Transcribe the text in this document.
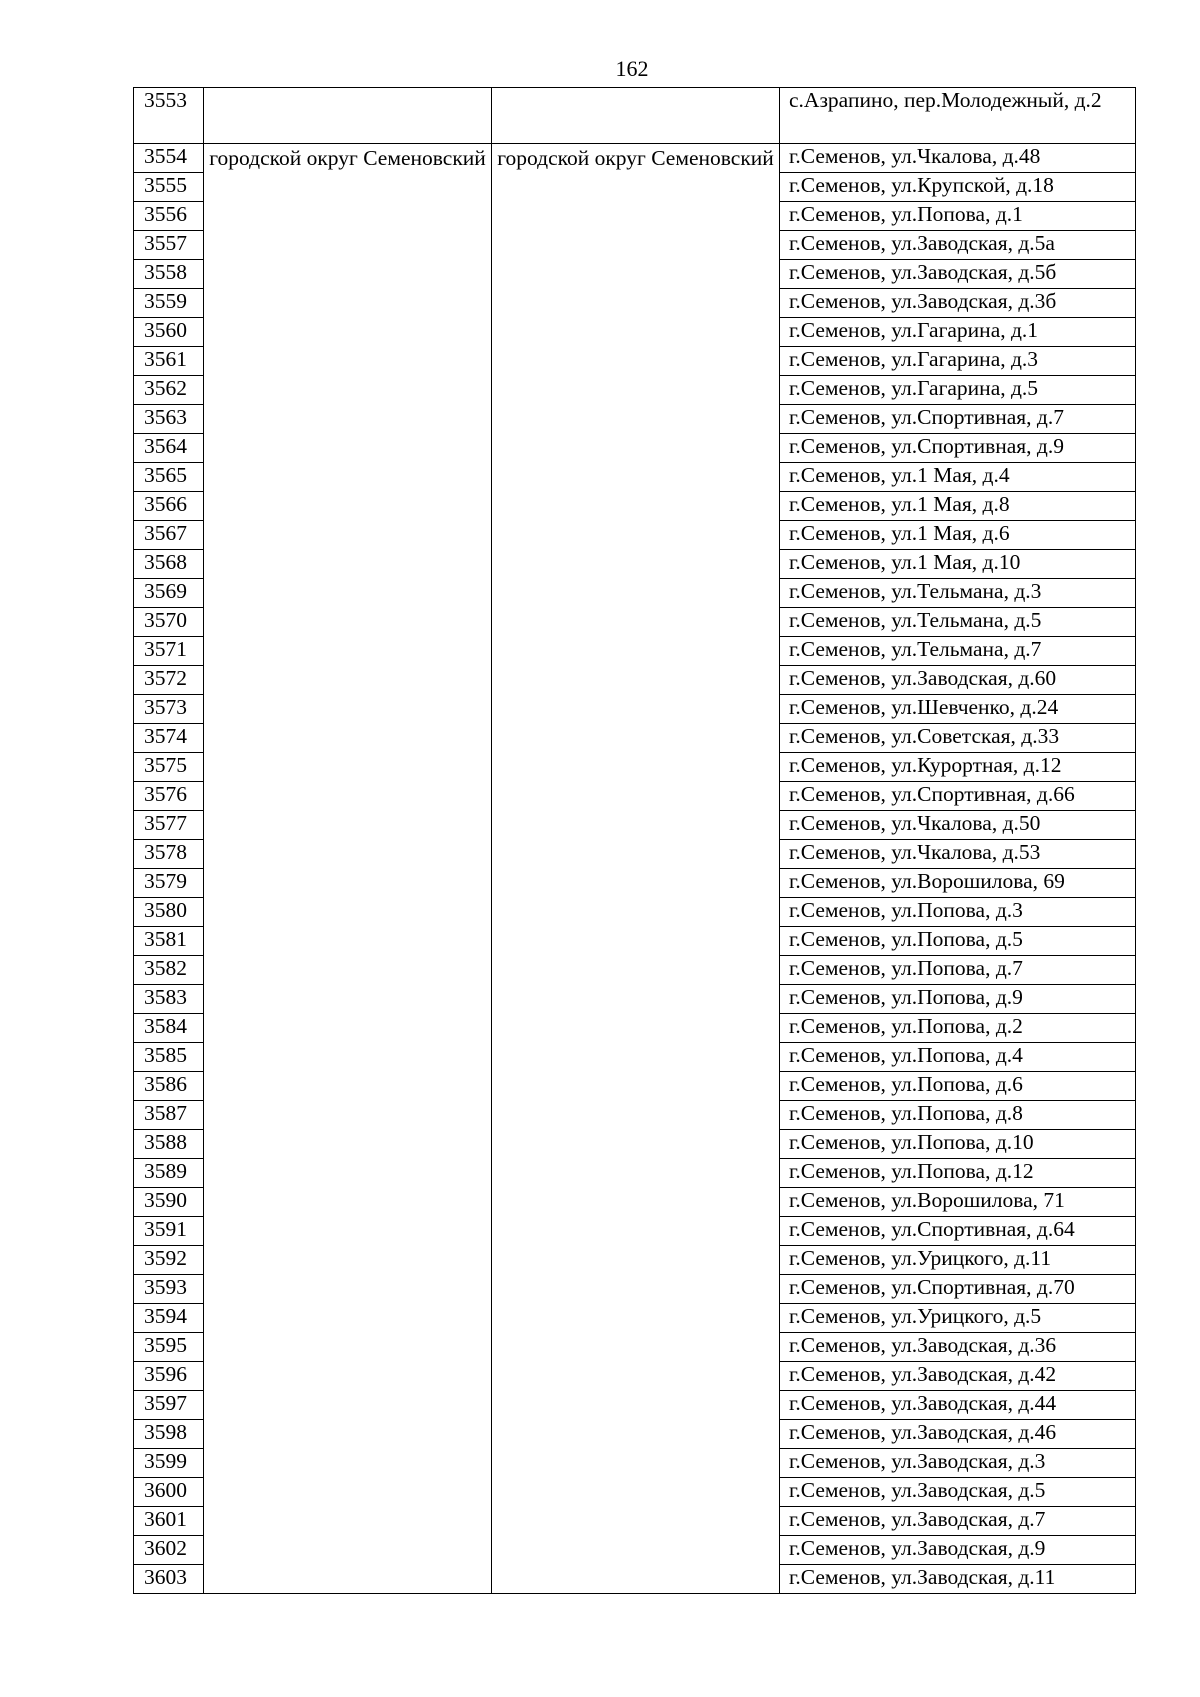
162
3553			с.Азрапино, пер.Молодежный, д.2
3554	городской округ Семеновский	городской округ Семеновский	г.Семенов, ул.Чкалова, д.48
3555			г.Семенов, ул.Крупской, д.18
3556			г.Семенов, ул.Попова, д.1
3557			г.Семенов, ул.Заводская, д.5а
3558			г.Семенов, ул.Заводская, д.5б
3559			г.Семенов, ул.Заводская, д.3б
3560			г.Семенов, ул.Гагарина, д.1
3561			г.Семенов, ул.Гагарина, д.3
3562			г.Семенов, ул.Гагарина, д.5
3563			г.Семенов, ул.Спортивная, д.7
3564			г.Семенов, ул.Спортивная, д.9
3565			г.Семенов, ул.1 Мая, д.4
3566			г.Семенов, ул.1 Мая, д.8
3567			г.Семенов, ул.1 Мая, д.6
3568			г.Семенов, ул.1 Мая, д.10
3569			г.Семенов, ул.Тельмана, д.3
3570			г.Семенов, ул.Тельмана, д.5
3571			г.Семенов, ул.Тельмана, д.7
3572			г.Семенов, ул.Заводская, д.60
3573			г.Семенов, ул.Шевченко, д.24
3574			г.Семенов, ул.Советская, д.33
3575			г.Семенов, ул.Курортная, д.12
3576			г.Семенов, ул.Спортивная, д.66
3577			г.Семенов, ул.Чкалова, д.50
3578			г.Семенов, ул.Чкалова, д.53
3579			г.Семенов, ул.Ворошилова, 69
3580			г.Семенов, ул.Попова, д.3
3581			г.Семенов, ул.Попова, д.5
3582			г.Семенов, ул.Попова, д.7
3583			г.Семенов, ул.Попова, д.9
3584			г.Семенов, ул.Попова, д.2
3585			г.Семенов, ул.Попова, д.4
3586			г.Семенов, ул.Попова, д.6
3587			г.Семенов, ул.Попова, д.8
3588			г.Семенов, ул.Попова, д.10
3589			г.Семенов, ул.Попова, д.12
3590			г.Семенов, ул.Ворошилова, 71
3591			г.Семенов, ул.Спортивная, д.64
3592			г.Семенов, ул.Урицкого, д.11
3593			г.Семенов, ул.Спортивная, д.70
3594			г.Семенов, ул.Урицкого, д.5
3595			г.Семенов, ул.Заводская, д.36
3596			г.Семенов, ул.Заводская, д.42
3597			г.Семенов, ул.Заводская, д.44
3598			г.Семенов, ул.Заводская, д.46
3599			г.Семенов, ул.Заводская, д.3
3600			г.Семенов, ул.Заводская, д.5
3601			г.Семенов, ул.Заводская, д.7
3602			г.Семенов, ул.Заводская, д.9
3603			г.Семенов, ул.Заводская, д.11
